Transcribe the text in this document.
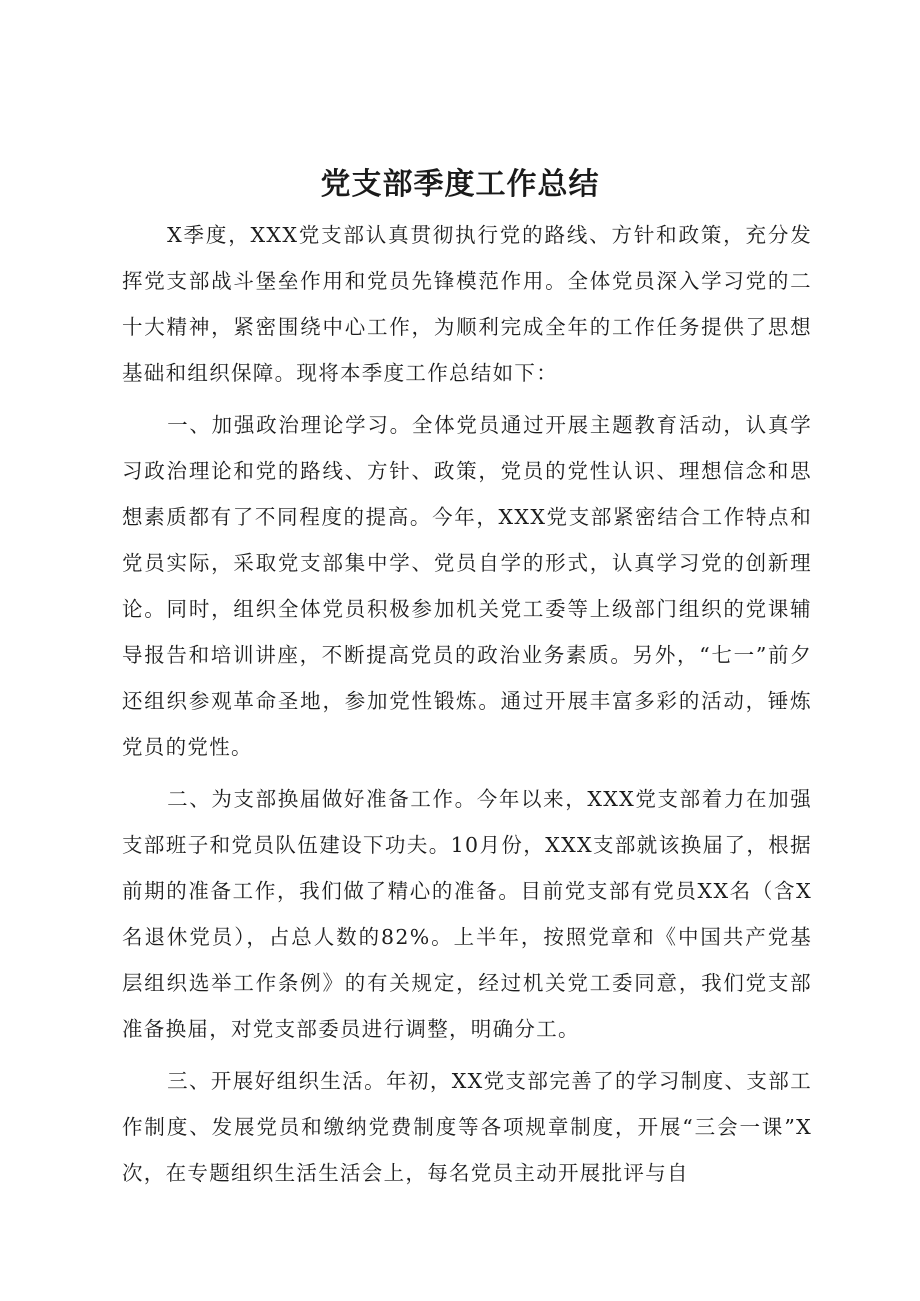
党支部季度工作总结

X季度，XXX党支部认真贯彻执行党的路线、方针和政策，充分发挥党支部战斗堡垒作用和党员先锋模范作用。全体党员深入学习党的二十大精神，紧密围绕中心工作，为顺利完成全年的工作任务提供了思想基础和组织保障。现将本季度工作总结如下：

一、加强政治理论学习。全体党员通过开展主题教育活动，认真学习政治理论和党的路线、方针、政策，党员的党性认识、理想信念和思想素质都有了不同程度的提高。今年，XXX党支部紧密结合工作特点和党员实际，采取党支部集中学、党员自学的形式，认真学习党的创新理论。同时，组织全体党员积极参加机关党工委等上级部门组织的党课辅导报告和培训讲座，不断提高党员的政治业务素质。另外，“七一”前夕还组织参观革命圣地，参加党性锻炼。通过开展丰富多彩的活动，锤炼党员的党性。

二、为支部换届做好准备工作。今年以来，XXX党支部着力在加强支部班子和党员队伍建设下功夫。10月份，XXX支部就该换届了，根据前期的准备工作，我们做了精心的准备。目前党支部有党员XX名（含X名退休党员），占总人数的82%。上半年，按照党章和《中国共产党基层组织选举工作条例》的有关规定，经过机关党工委同意，我们党支部准备换届，对党支部委员进行调整，明确分工。

三、开展好组织生活。年初，XX党支部完善了的学习制度、支部工作制度、发展党员和缴纳党费制度等各项规章制度，开展“三会一课”X次，在专题组织生活生活会上，每名党员主动开展批评与自
